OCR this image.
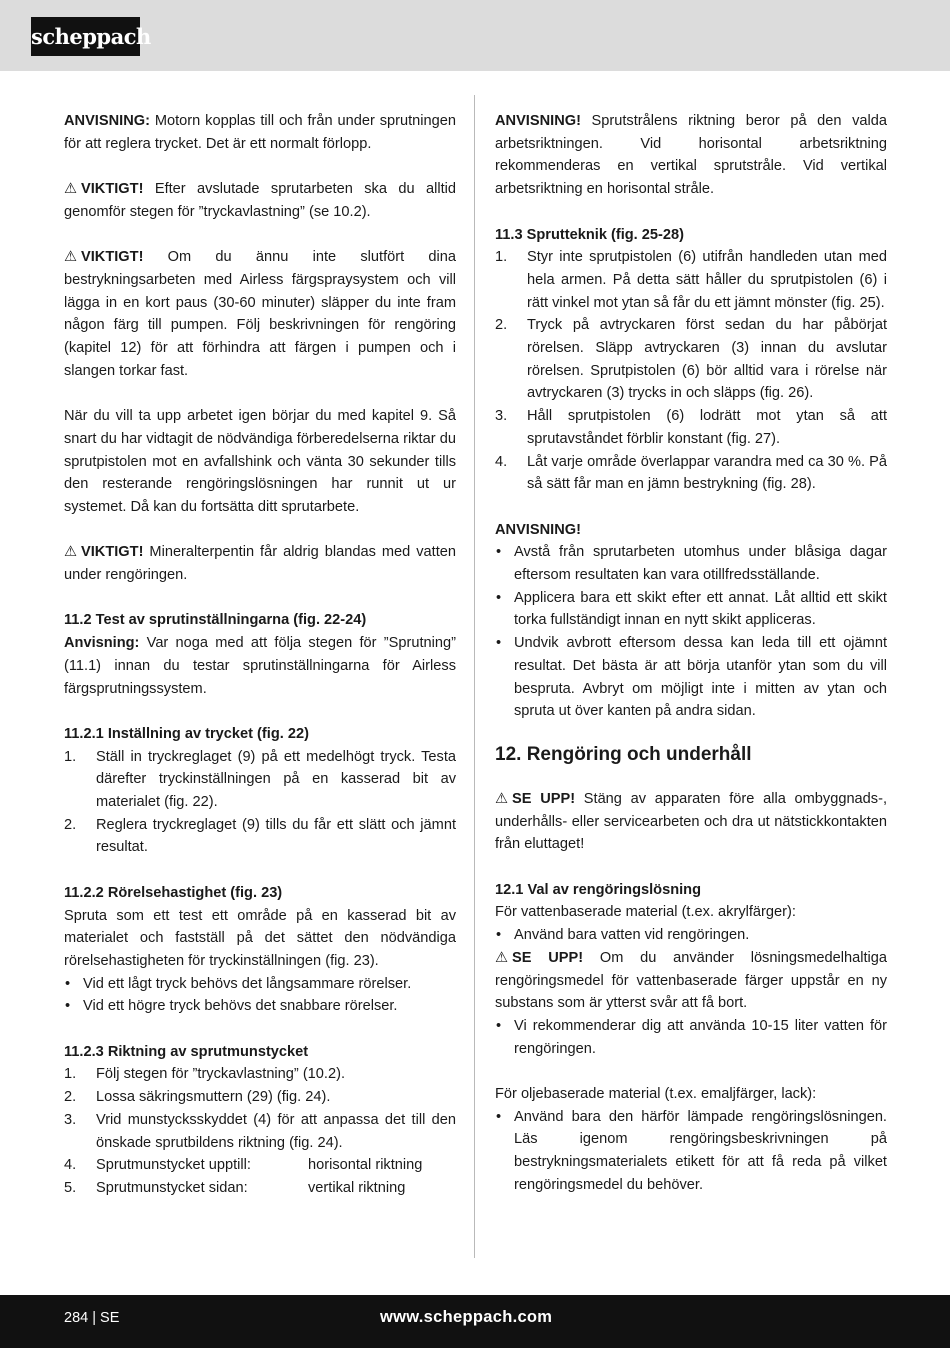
scheppach

ANVISNING: Motorn kopplas till och från under sprutningen för att reglera trycket. Det är ett normalt förlopp.

⚠ VIKTIGT! Efter avslutade sprutarbeten ska du alltid genomför stegen för ”tryckavlastning” (se 10.2).

⚠ VIKTIGT! Om du ännu inte slutfört dina bestrykningsarbeten med Airless färgspraysystem och vill lägga in en kort paus (30-60 minuter) släpper du inte fram någon färg till pumpen. Följ beskrivningen för rengöring (kapitel 12) för att förhindra att färgen i pumpen och i slangen torkar fast.

När du vill ta upp arbetet igen börjar du med kapitel 9. Så snart du har vidtagit de nödvändiga förberedelserna riktar du sprutpistolen mot en avfallshink och vänta 30 sekunder tills den resterande rengöringslösningen har runnit ut ur systemet. Då kan du fortsätta ditt sprutarbete.

⚠ VIKTIGT! Mineralterpentin får aldrig blandas med vatten under rengöringen.

11.2 Test av sprutinställningarna (fig. 22-24)

Anvisning: Var noga med att följa stegen för ”Sprutning” (11.1) innan du testar sprutinställningarna för Airless färgsprutningssystem.

11.2.1 Inställning av trycket (fig. 22)

1. Ställ in tryckreglaget (9) på ett medelhögt tryck. Testa därefter tryckinställningen på en kasserad bit av materialet (fig. 22).
2. Reglera tryckreglaget (9) tills du får ett slätt och jämnt resultat.

11.2.2 Rörelsehastighet (fig. 23)

Spruta som ett test ett område på en kasserad bit av materialet och fastställ på det sättet den nödvändiga rörelsehastigheten för tryckinställningen (fig. 23).

• Vid ett lågt tryck behövs det långsammare rörelser.
• Vid ett högre tryck behövs det snabbare rörelser.

11.2.3 Riktning av sprutmunstycket

1. Följ stegen för ”tryckavlastning” (10.2).
2. Lossa säkringsmuttern (29) (fig. 24).
3. Vrid munstycksskyddet (4) för att anpassa det till den önskade sprutbildens riktning (fig. 24).
4. Sprutmunstycket upptill:	horisontal riktning
5. Sprutmunstycket sidan:	vertikal riktning

ANVISNING! Sprutstrålens riktning beror på den valda arbetsriktningen. Vid horisontal arbetsriktning rekommenderas en vertikal sprutstråle. Vid vertikal arbetsriktning en horisontal stråle.

11.3 Sprutteknik (fig. 25-28)

1. Styr inte sprutpistolen (6) utifrån handleden utan med hela armen. På detta sätt håller du sprutpistolen (6) i rätt vinkel mot ytan så får du ett jämnt mönster (fig. 25).
2. Tryck på avtryckaren först sedan du har påbörjat rörelsen. Släpp avtryckaren (3) innan du avslutar rörelsen. Sprutpistolen (6) bör alltid vara i rörelse när avtryckaren (3) trycks in och släpps (fig. 26).
3. Håll sprutpistolen (6) lodrätt mot ytan så att sprutavståndet förblir konstant (fig. 27).
4. Låt varje område överlappar varandra med ca 30 %. På så sätt får man en jämn bestrykning (fig. 28).

ANVISNING!

• Avstå från sprutarbeten utomhus under blåsiga dagar eftersom resultaten kan vara otillfredsställande.
• Applicera bara ett skikt efter ett annat. Låt alltid ett skikt torka fullständigt innan en nytt skikt appliceras.
• Undvik avbrott eftersom dessa kan leda till ett ojämnt resultat. Det bästa är att börja utanför ytan som du vill bespruta. Avbryt om möjligt inte i mitten av ytan och spruta ut över kanten på andra sidan.

12. Rengöring och underhåll

⚠ SE UPP! Stäng av apparaten före alla ombyggnads-, underhålls- eller servicearbeten och dra ut nätstickkontakten från eluttaget!

12.1 Val av rengöringslösning

För vattenbaserade material (t.ex. akrylfärger):

• Använd bara vatten vid rengöringen.

⚠ SE UPP! Om du använder lösningsmedelhaltiga rengöringsmedel för vattenbaserade färger uppstår en ny substans som är ytterst svår att få bort.

• Vi rekommenderar dig att använda 10-15 liter vatten för rengöringen.

För oljebaserade material (t.ex. emaljfärger, lack):

• Använd bara den härför lämpade rengöringslösningen. Läs igenom rengöringsbeskrivningen på bestrykningsmaterialets etikett för att få reda på vilket rengöringsmedel du behöver.
284 | SE	www.scheppach.com
